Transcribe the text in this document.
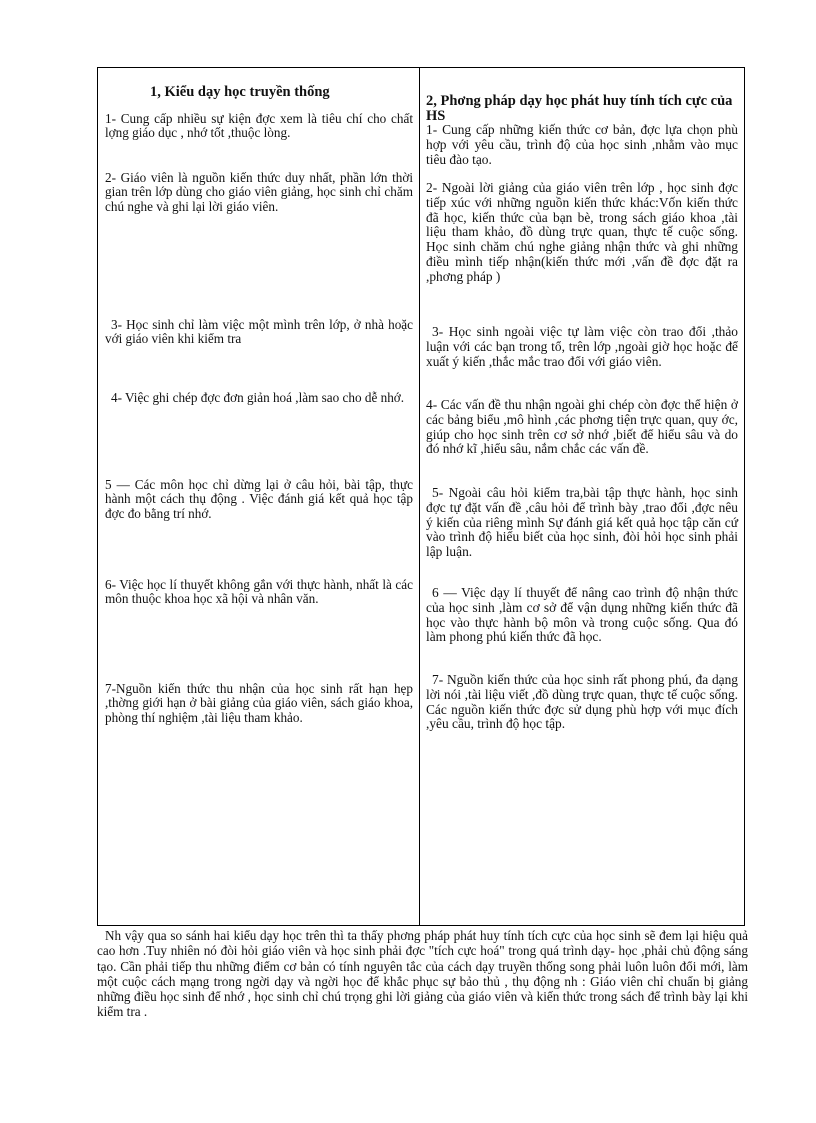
1, Kiểu dạy học truyền thống
1- Cung cấp nhiều sự kiện đợc xem là tiêu chí cho chất lợng giáo dục , nhớ tốt ,thuộc lòng.
2- Giáo viên là nguồn kiến thức duy nhất, phần lớn thời gian trên lớp dùng cho giáo viên giảng, học sinh chỉ chăm chú nghe và ghi lại lời giáo viên.
3- Học sinh chỉ làm việc một mình trên lớp, ở nhà hoặc với giáo viên khi kiểm tra
4- Việc ghi chép đợc đơn giản hoá ,làm sao cho dễ nhớ.
5 — Các môn học chỉ dừng lại ở câu hỏi, bài tập, thực hành một cách thụ động . Việc đánh giá kết quả học tập đợc đo bằng trí nhớ.
6- Việc học lí thuyết không gắn với thực hành, nhất là các môn thuộc khoa học xã hội và nhân văn.
7-Nguồn kiến thức thu nhận của học sinh rất hạn hẹp ,thờng giới hạn ở bài giảng của giáo viên, sách giáo khoa, phòng thí nghiệm ,tài liệu tham khảo.
2, Phơng pháp dạy học phát huy tính tích cực của HS
1- Cung cấp những kiến thức cơ bản, đợc lựa chọn phù hợp với yêu cầu, trình độ của học sinh ,nhằm vào mục tiêu đào tạo.
2- Ngoài lời giảng của giáo viên trên lớp , học sinh đợc tiếp xúc với những nguồn kiến thức khác:Vốn kiến thức đã học, kiến thức của bạn bè, trong sách giáo khoa ,tài liệu tham khảo, đồ dùng trực quan, thực tế cuộc sống. Học sinh chăm chú nghe giảng nhận thức và ghi những điều mình tiếp nhận(kiến thức mới ,vấn đề đợc đặt ra ,phơng pháp )
3- Học sinh ngoài việc tự làm việc còn trao đổi ,thảo luận với các bạn trong tổ, trên lớp ,ngoài giờ học hoặc để xuất ý kiến ,thắc mắc trao đổi với giáo viên.
4- Các vấn đề thu nhận ngoài ghi chép còn đợc thể hiện ở các bảng biểu ,mô hình ,các phơng tiện trực quan, quy ớc, giúp cho học sinh trên cơ sở nhớ ,biết để hiểu sâu và do đó nhớ kĩ ,hiểu sâu, nắm chắc các vấn đề.
5- Ngoài câu hỏi kiểm tra,bài tập thực hành, học sinh đợc tự đặt vấn đề ,câu hỏi để trình bày ,trao đổi ,đợc nêu ý kiến của riêng mình Sự đánh giá kết quả học tập căn cứ vào trình độ hiểu biết của học sinh, đòi hỏi học sinh phải lập luận.
6 — Việc dạy lí thuyết để nâng cao trình độ nhận thức của học sinh ,làm cơ sở để vận dụng những kiến thức đã học vào thực hành bộ môn và trong cuộc sống. Qua đó làm phong phú kiến thức đã học.
7- Nguồn kiến thức của học sinh rất phong phú, đa dạng lời nói ,tài liệu viết ,đồ dùng trực quan, thực tế cuộc sống. Các nguồn kiến thức đợc sử dụng phù hợp với mục đích ,yêu cầu, trình độ học tập.
Nh vậy qua so sánh hai kiểu dạy học trên thì ta thấy phơng pháp phát huy tính tích cực của học sinh sẽ đem lại hiệu quả cao hơn .Tuy nhiên nó đòi hỏi giáo viên và học sinh phải đợc "tích cực hoá" trong quá trình dạy- học ,phải chủ động sáng tạo. Cần phải tiếp thu những điểm cơ bản có tính nguyên tắc của cách dạy truyền thống song phải luôn luôn đổi mới, làm một cuộc cách mạng trong ngời dạy và ngời học để khắc phục sự bảo thủ , thụ động nh : Giáo viên chỉ chuẩn bị giảng những điều học sinh để nhớ , học sinh chỉ chú trọng ghi lời giảng của giáo viên và kiến thức trong sách để trình bày lại khi kiểm tra .
